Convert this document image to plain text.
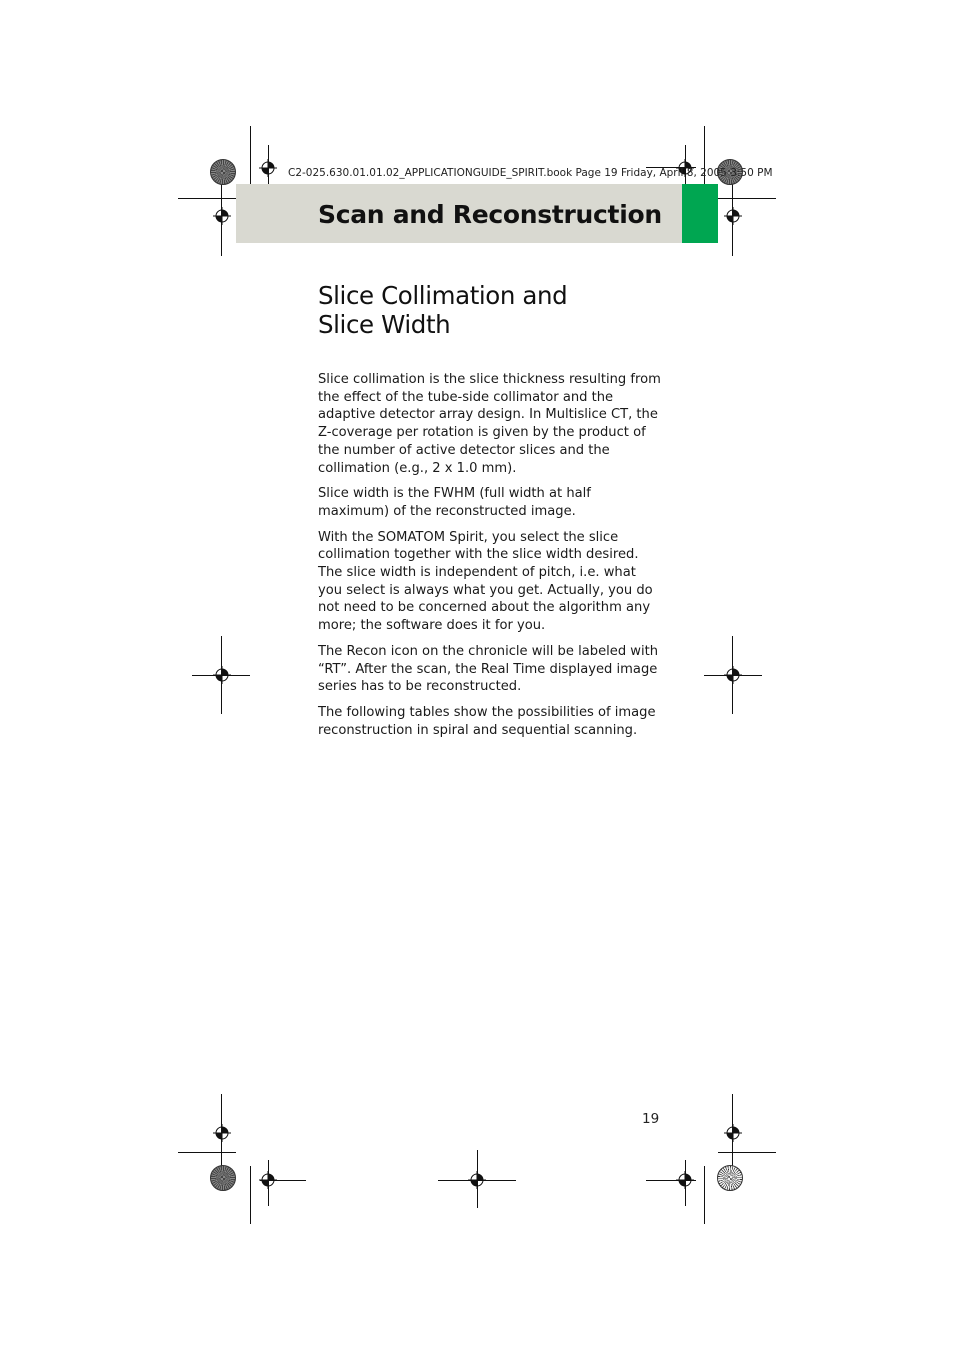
C2-025.630.01.01.02_APPLICATIONGUIDE_SPIRIT.book Page 19 Friday, April 8, 2005 3:50 PM
Scan and Reconstruction
Slice Collimation and
Slice Width

Slice collimation is the slice thickness resulting from the effect of the tube-side collimator and the adaptive detector array design. In Multislice CT, the Z-coverage per rotation is given by the product of the number of active detector slices and the collimation (e.g., 2 x 1.0 mm).

Slice width is the FWHM (full width at half maximum) of the reconstructed image.

With the SOMATOM Spirit, you select the slice collimation together with the slice width desired. The slice width is independent of pitch, i.e. what you select is always what you get. Actually, you do not need to be concerned about the algorithm any more; the software does it for you.

The Recon icon on the chronicle will be labeled with “RT”. After the scan, the Real Time displayed image series has to be reconstructed.

The following tables show the possibilities of image reconstruction in spiral and sequential scanning.

19
